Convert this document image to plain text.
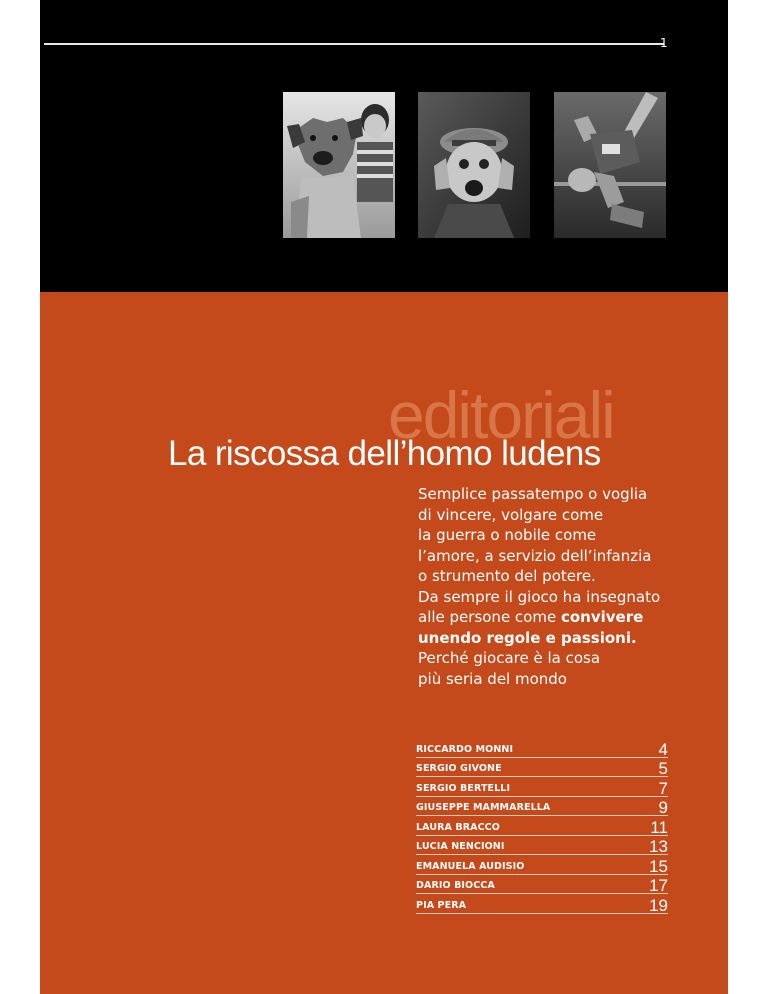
1
editoriali
La riscossa dell’homo ludens
Semplice passatempo o voglia
di vincere, volgare come
la guerra o nobile come
l’amore, a servizio dell’infanzia
o strumento del potere.
Da sempre il gioco ha insegnato
alle persone come convivere
unendo regole e passioni.
Perché giocare è la cosa
più seria del mondo
RICCARDO MONNI	4
SERGIO GIVONE	5
SERGIO BERTELLI	7
GIUSEPPE MAMMARELLA	9
LAURA BRACCO	11
LUCIA NENCIONI	13
EMANUELA AUDISIO	15
DARIO BIOCCA	17
PIA PERA	19
